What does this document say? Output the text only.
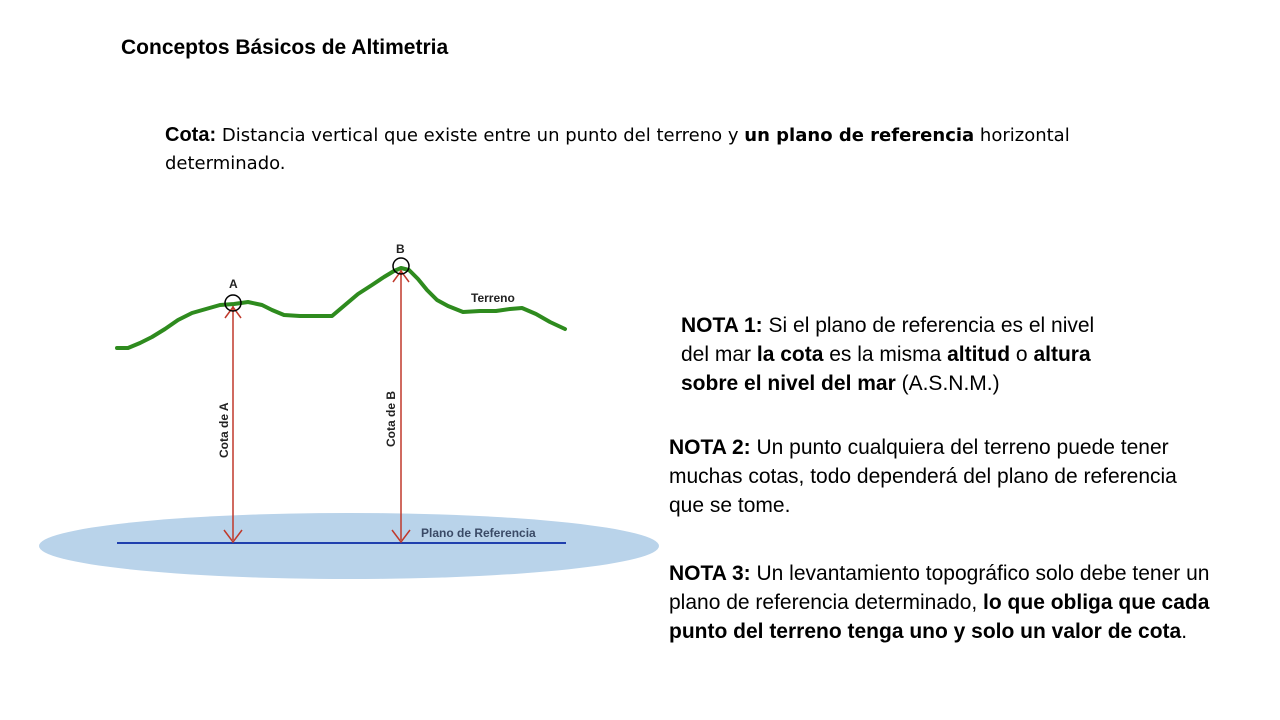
Conceptos Básicos de Altimetria

Cota: Distancia vertical que existe entre un punto del terreno y un plano de referencia horizontal
determinado.

A
B
Terreno
Cota de A	Cota de B
Plano de Referencia

NOTA 1: Si el plano de referencia es el nivel
del mar la cota es la misma altitud o altura
sobre el nivel del mar (A.S.N.M.)

NOTA 2: Un punto cualquiera del terreno puede tener
muchas cotas, todo dependerá del plano de referencia
que se tome.

NOTA 3: Un levantamiento topográfico solo debe tener un
plano de referencia determinado, lo que obliga que cada
punto del terreno tenga uno y solo un valor de cota.
